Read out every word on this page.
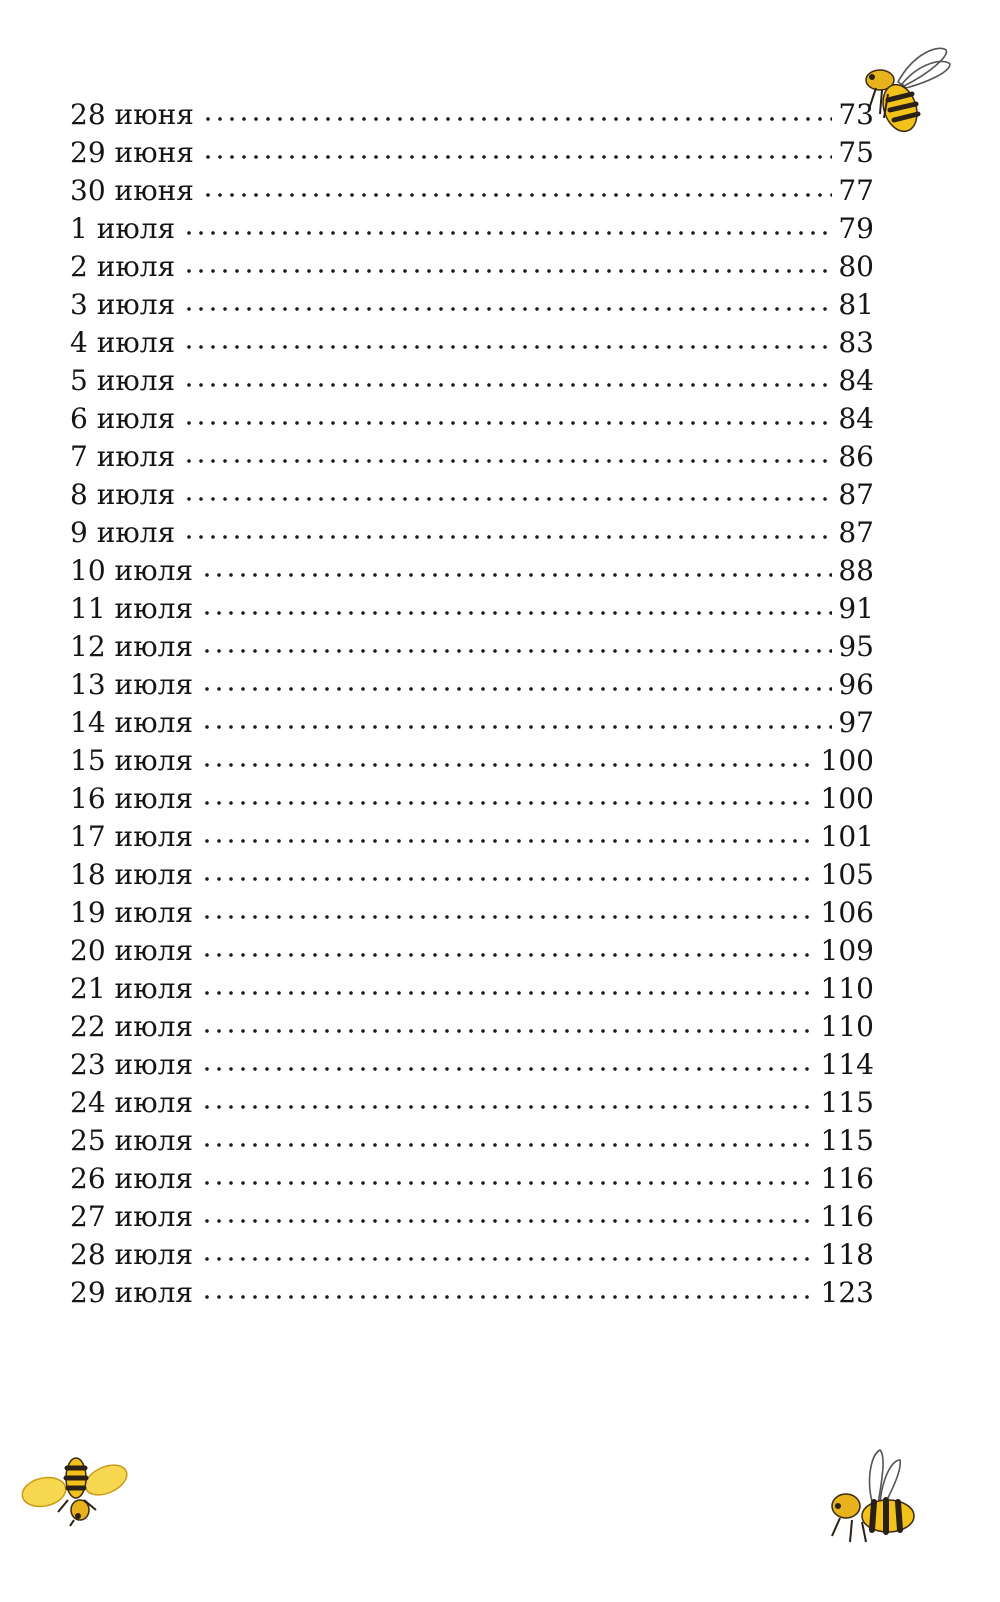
28 июня	73
29 июня	75
30 июня	77
1 июля	79
2 июля	80
3 июля	81
4 июля	83
5 июля	84
6 июля	84
7 июля	86
8 июля	87
9 июля	87
10 июля	88
11 июля	91
12 июля	95
13 июля	96
14 июля	97
15 июля	100
16 июля	100
17 июля	101
18 июля	105
19 июля	106
20 июля	109
21 июля	110
22 июля	110
23 июля	114
24 июля	115
25 июля	115
26 июля	116
27 июля	116
28 июля	118
29 июля	123
